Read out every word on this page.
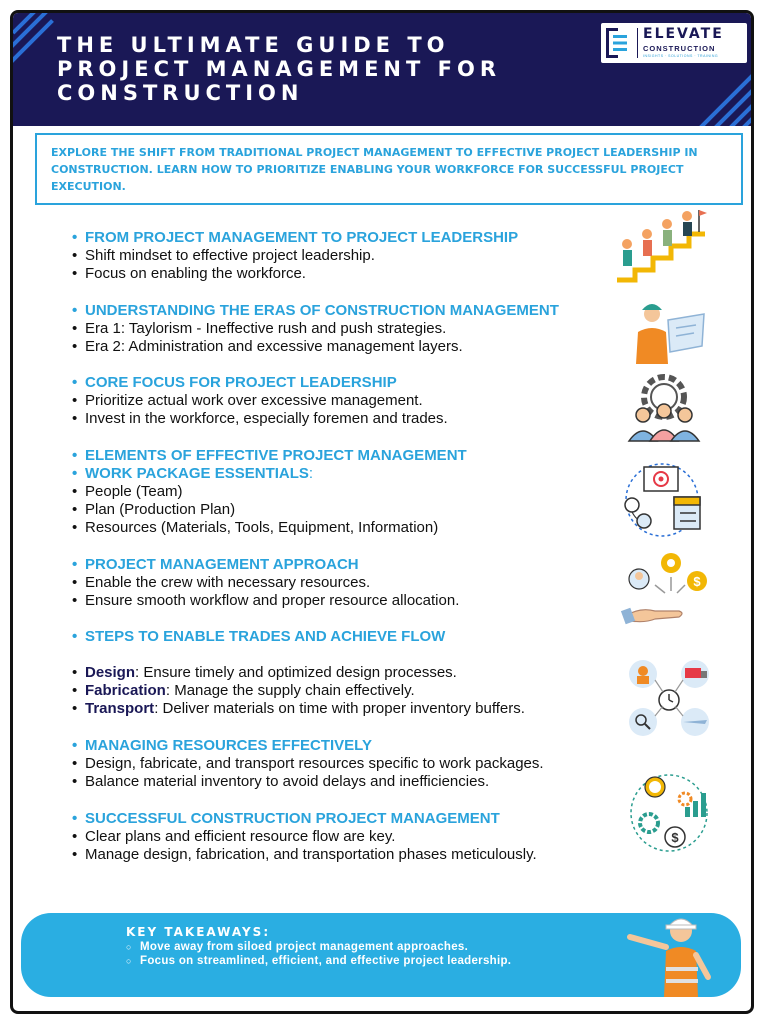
THE ULTIMATE GUIDE TO
PROJECT MANAGEMENT FOR
CONSTRUCTION
ELEVATE
CONSTRUCTION
INSIGHTS · SOLUTIONS · TRAINING
EXPLORE THE SHIFT FROM TRADITIONAL PROJECT MANAGEMENT TO EFFECTIVE PROJECT LEADERSHIP IN CONSTRUCTION. LEARN HOW TO PRIORITIZE ENABLING YOUR WORKFORCE FOR SUCCESSFUL PROJECT EXECUTION.
• FROM PROJECT MANAGEMENT TO PROJECT LEADERSHIP
• Shift mindset to effective project leadership.
• Focus on enabling the workforce.
• UNDERSTANDING THE ERAS OF CONSTRUCTION MANAGEMENT
• Era 1: Taylorism - Ineffective rush and push strategies.
• Era 2: Administration and excessive management layers.
• CORE FOCUS FOR PROJECT LEADERSHIP
• Prioritize actual work over excessive management.
• Invest in the workforce, especially foremen and trades.
• ELEMENTS OF EFFECTIVE PROJECT MANAGEMENT
• WORK PACKAGE ESSENTIALS:
• People (Team)
• Plan (Production Plan)
• Resources (Materials, Tools, Equipment, Information)
• PROJECT MANAGEMENT APPROACH
• Enable the crew with necessary resources.
• Ensure smooth workflow and proper resource allocation.
• STEPS TO ENABLE TRADES AND ACHIEVE FLOW
• Design: Ensure timely and optimized design processes.
• Fabrication: Manage the supply chain effectively.
• Transport: Deliver materials on time with proper inventory buffers.
• MANAGING RESOURCES EFFECTIVELY
• Design, fabricate, and transport resources specific to work packages.
• Balance material inventory to avoid delays and inefficiencies.
• SUCCESSFUL CONSTRUCTION PROJECT MANAGEMENT
• Clear plans and efficient resource flow are key.
• Manage design, fabrication, and transportation phases meticulously.
$
$
KEY TAKEAWAYS:
○ Move away from siloed project management approaches.
○ Focus on streamlined, efficient, and effective project leadership.
